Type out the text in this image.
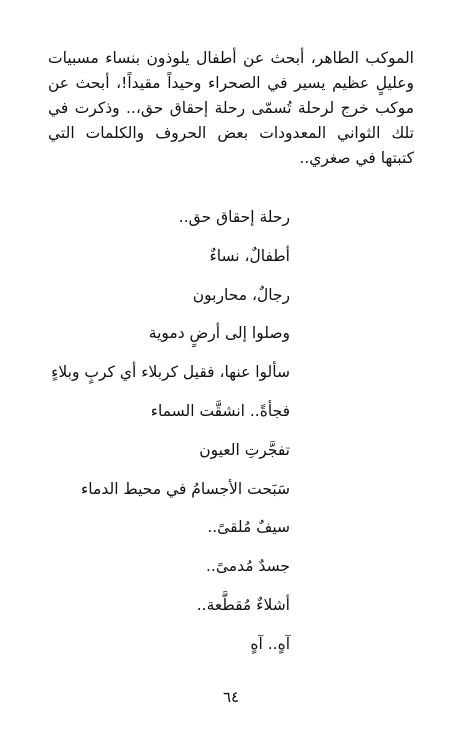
الموكب الطاهر، أبحث عن أطفال يلوذون بنساء مسبيات وعليلٍ عظيم يسير في الصحراء وحيداً مقيداً!، أبحث عن موكب خرج لرحلة تُسمّى رحلة إحقاق حق،.. وذكرت في تلك الثواني المعدودات بعض الحروف والكلمات التي كتبتها في صغري..

رحلة إحقاق حق..
أطفالٌ، نساءٌ
رجالٌ، محاربون
وصلوا إلى أرضٍ دموية
سألوا عنها، فقيل كربلاء أي كربٍ وبلاءٍ
فجأةً.. انشقَّت السماء
تفجَّرتِ العيون
سَبَحت الأجسامُ في محيط الدماء
سيفٌ مُلقىً..
جسدٌ مُدمىً..
أشلاءٌ مُقطَّعة..
آهٍ.. آهٍ
٦٤
